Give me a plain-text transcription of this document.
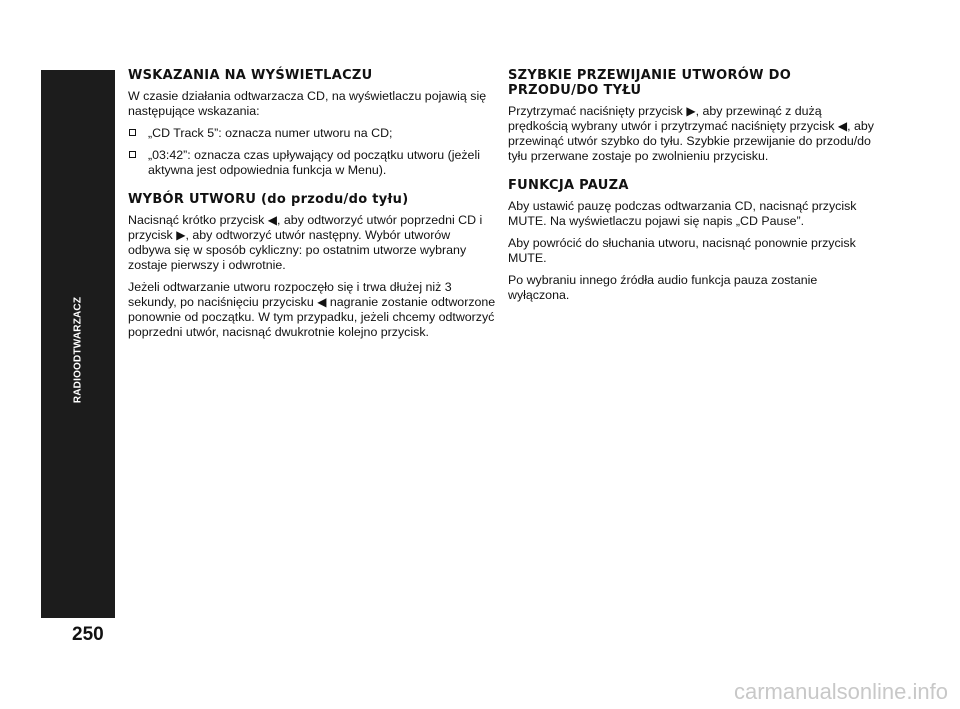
RADIOODTWARZACZ
250
WSKAZANIA NA WYŚWIETLACZU

W czasie działania odtwarzacza CD, na wyświetlaczu pojawią się następujące wskazania:

„CD Track 5”: oznacza numer utworu na CD;
„03:42”: oznacza czas upływający od początku utworu (jeżeli aktywna jest odpowiednia funkcja w Menu).
WYBÓR UTWORU (do przodu/do tyłu)

Nacisnąć krótko przycisk ◀, aby odtworzyć utwór poprzedni CD i przycisk ▶, aby odtworzyć utwór następny. Wybór utworów odbywa się w sposób cykliczny: po ostatnim utworze wybrany zostaje pierwszy i odwrotnie.

Jeżeli odtwarzanie utworu rozpoczęło się i trwa dłużej niż 3 sekundy, po naciśnięciu przycisku ◀ nagranie zostanie odtworzone ponownie od początku. W tym przypadku, jeżeli chcemy odtworzyć poprzedni utwór, nacisnąć dwukrotnie kolejno przycisk.

SZYBKIE PRZEWIJANIE UTWORÓW DO PRZODU/DO TYŁU

Przytrzymać naciśnięty przycisk ▶, aby przewinąć z dużą prędkością wybrany utwór i przytrzymać naciśnięty przycisk ◀, aby przewinąć utwór szybko do tyłu. Szybkie przewijanie do przodu/do tyłu przerwane zostaje po zwolnieniu przycisku.

FUNKCJA PAUZA

Aby ustawić pauzę podczas odtwarzania CD, nacisnąć przycisk MUTE. Na wyświetlaczu pojawi się napis „CD Pause”.

Aby powrócić do słuchania utworu, nacisnąć ponownie przycisk MUTE.

Po wybraniu innego źródła audio funkcja pauza zostanie wyłączona.

carmanualsonline.info
